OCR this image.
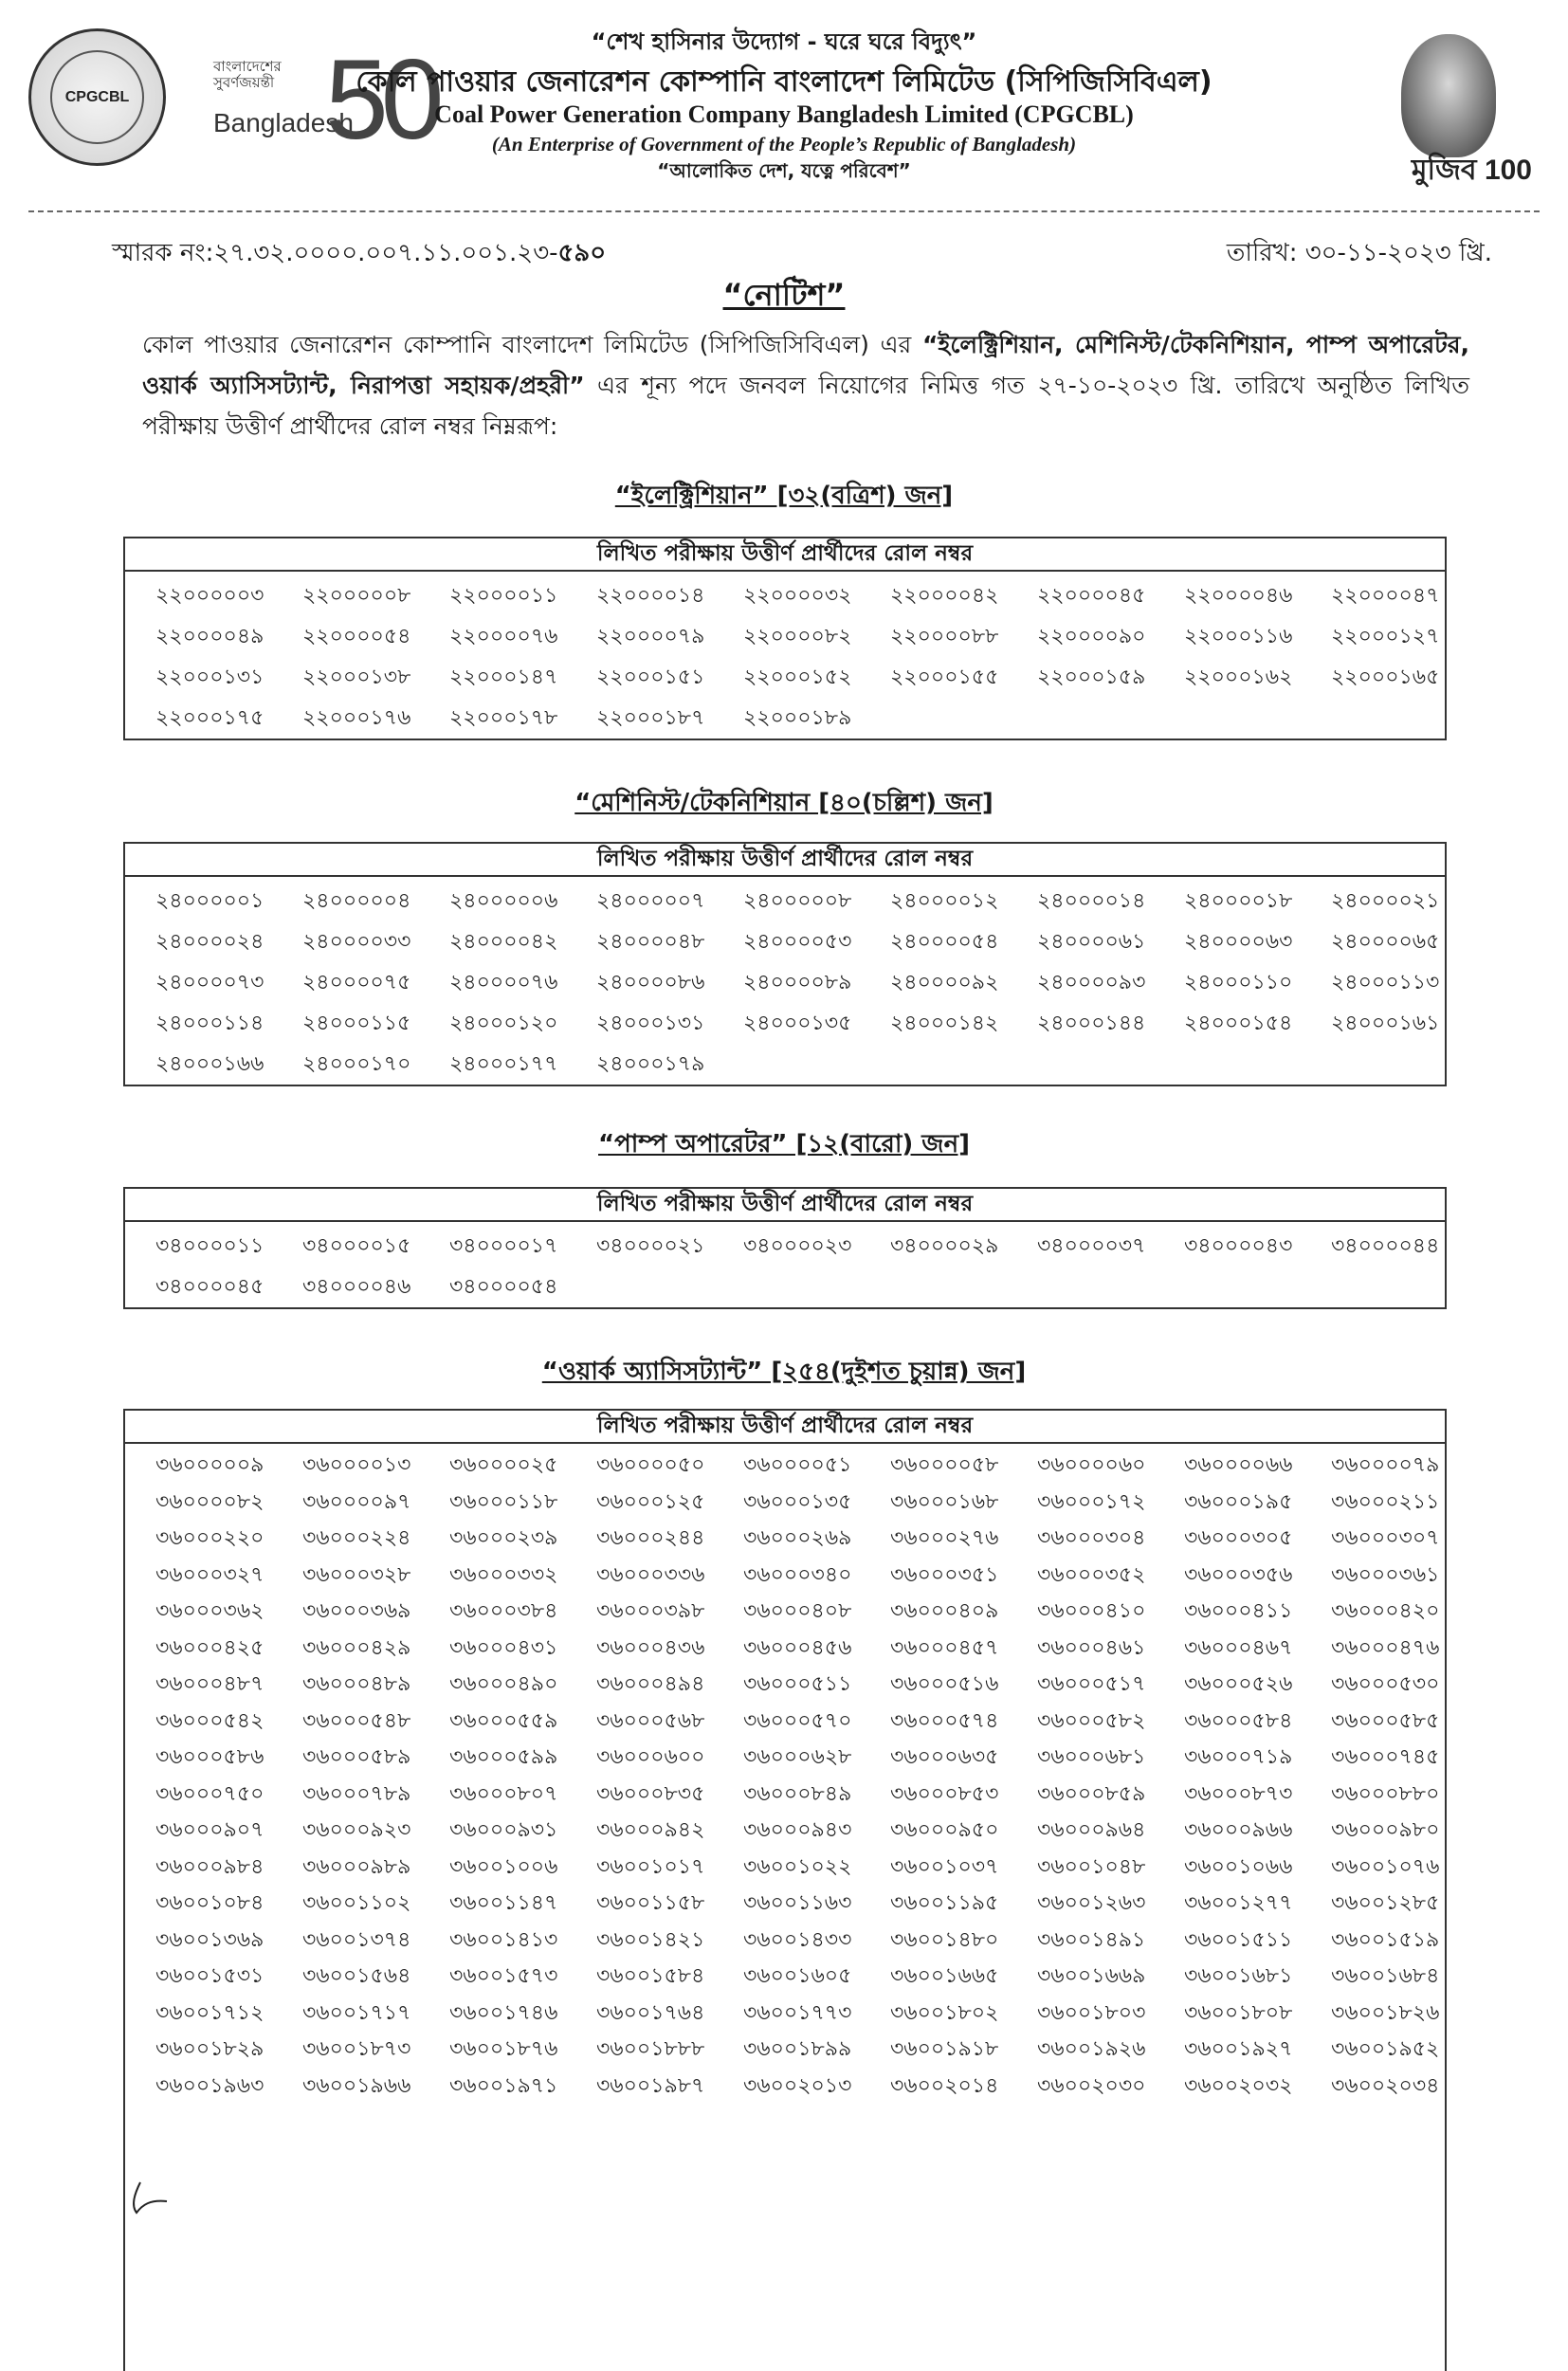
CPGCBL
বাংলাদেশের সুবর্ণজয়ন্তী
Bangladesh
50	“শেখ হাসিনার উদ্যোগ - ঘরে ঘরে বিদ্যুৎ”
কোল পাওয়ার জেনারেশন কোম্পানি বাংলাদেশ লিমিটেড (সিপিজিসিবিএল)
Coal Power Generation Company Bangladesh Limited (CPGCBL)
(An Enterprise of Government of the People’s Republic of Bangladesh)
“আলোকিত দেশ, যত্নে পরিবেশ”	মুজিব 100
স্মারক নং:২৭.৩২.০০০০.০০৭.১১.০০১.২৩-৫৯০	তারিখ: ৩০-১১-২০২৩ খ্রি.
“নোটিশ”
কোল পাওয়ার জেনারেশন কোম্পানি বাংলাদেশ লিমিটেড (সিপিজিসিবিএল) এর “ইলেক্ট্রিশিয়ান, মেশিনিস্ট/টেকনিশিয়ান, পাম্প অপারেটর, ওয়ার্ক অ্যাসিসট্যান্ট, নিরাপত্তা সহায়ক/প্রহরী” এর শূন্য পদে জনবল নিয়োগের নিমিত্ত গত ২৭-১০-২০২৩ খ্রি. তারিখে অনুষ্ঠিত লিখিত পরীক্ষায় উত্তীর্ণ প্রার্থীদের রোল নম্বর নিম্নরূপ:
“ইলেক্ট্রিশিয়ান” [৩২(বত্রিশ) জন]
লিখিত পরীক্ষায় উত্তীর্ণ প্রার্থীদের রোল নম্বর
২২০০০০০৩	২২০০০০০৮	২২০০০০১১	২২০০০০১৪	২২০০০০৩২	২২০০০০৪২	২২০০০০৪৫	২২০০০০৪৬	২২০০০০৪৭
২২০০০০৪৯	২২০০০০৫৪	২২০০০০৭৬	২২০০০০৭৯	২২০০০০৮২	২২০০০০৮৮	২২০০০০৯০	২২০০০১১৬	২২০০০১২৭
২২০০০১৩১	২২০০০১৩৮	২২০০০১৪৭	২২০০০১৫১	২২০০০১৫২	২২০০০১৫৫	২২০০০১৫৯	২২০০০১৬২	২২০০০১৬৫
২২০০০১৭৫	২২০০০১৭৬	২২০০০১৭৮	২২০০০১৮৭	২২০০০১৮৯
“মেশিনিস্ট/টেকনিশিয়ান [৪০(চল্লিশ) জন]
লিখিত পরীক্ষায় উত্তীর্ণ প্রার্থীদের রোল নম্বর
২৪০০০০০১	২৪০০০০০৪	২৪০০০০০৬	২৪০০০০০৭	২৪০০০০০৮	২৪০০০০১২	২৪০০০০১৪	২৪০০০০১৮	২৪০০০০২১
২৪০০০০২৪	২৪০০০০৩৩	২৪০০০০৪২	২৪০০০০৪৮	২৪০০০০৫৩	২৪০০০০৫৪	২৪০০০০৬১	২৪০০০০৬৩	২৪০০০০৬৫
২৪০০০০৭৩	২৪০০০০৭৫	২৪০০০০৭৬	২৪০০০০৮৬	২৪০০০০৮৯	২৪০০০০৯২	২৪০০০০৯৩	২৪০০০১১০	২৪০০০১১৩
২৪০০০১১৪	২৪০০০১১৫	২৪০০০১২০	২৪০০০১৩১	২৪০০০১৩৫	২৪০০০১৪২	২৪০০০১৪৪	২৪০০০১৫৪	২৪০০০১৬১
২৪০০০১৬৬	২৪০০০১৭০	২৪০০০১৭৭	২৪০০০১৭৯
“পাম্প অপারেটর” [১২(বারো) জন]
লিখিত পরীক্ষায় উত্তীর্ণ প্রার্থীদের রোল নম্বর
৩৪০০০০১১	৩৪০০০০১৫	৩৪০০০০১৭	৩৪০০০০২১	৩৪০০০০২৩	৩৪০০০০২৯	৩৪০০০০৩৭	৩৪০০০০৪৩	৩৪০০০০৪৪
৩৪০০০০৪৫	৩৪০০০০৪৬	৩৪০০০০৫৪
“ওয়ার্ক অ্যাসিসট্যান্ট” [২৫৪(দুইশত চুয়ান্ন) জন]
লিখিত পরীক্ষায় উত্তীর্ণ প্রার্থীদের রোল নম্বর
৩৬০০০০০৯	৩৬০০০০১৩	৩৬০০০০২৫	৩৬০০০০৫০	৩৬০০০০৫১	৩৬০০০০৫৮	৩৬০০০০৬০	৩৬০০০০৬৬	৩৬০০০০৭৯
৩৬০০০০৮২	৩৬০০০০৯৭	৩৬০০০১১৮	৩৬০০০১২৫	৩৬০০০১৩৫	৩৬০০০১৬৮	৩৬০০০১৭২	৩৬০০০১৯৫	৩৬০০০২১১
৩৬০০০২২০	৩৬০০০২২৪	৩৬০০০২৩৯	৩৬০০০২৪৪	৩৬০০০২৬৯	৩৬০০০২৭৬	৩৬০০০৩০৪	৩৬০০০৩০৫	৩৬০০০৩০৭
৩৬০০০৩২৭	৩৬০০০৩২৮	৩৬০০০৩৩২	৩৬০০০৩৩৬	৩৬০০০৩৪০	৩৬০০০৩৫১	৩৬০০০৩৫২	৩৬০০০৩৫৬	৩৬০০০৩৬১
৩৬০০০৩৬২	৩৬০০০৩৬৯	৩৬০০০৩৮৪	৩৬০০০৩৯৮	৩৬০০০৪০৮	৩৬০০০৪০৯	৩৬০০০৪১০	৩৬০০০৪১১	৩৬০০০৪২০
৩৬০০০৪২৫	৩৬০০০৪২৯	৩৬০০০৪৩১	৩৬০০০৪৩৬	৩৬০০০৪৫৬	৩৬০০০৪৫৭	৩৬০০০৪৬১	৩৬০০০৪৬৭	৩৬০০০৪৭৬
৩৬০০০৪৮৭	৩৬০০০৪৮৯	৩৬০০০৪৯০	৩৬০০০৪৯৪	৩৬০০০৫১১	৩৬০০০৫১৬	৩৬০০০৫১৭	৩৬০০০৫২৬	৩৬০০০৫৩০
৩৬০০০৫৪২	৩৬০০০৫৪৮	৩৬০০০৫৫৯	৩৬০০০৫৬৮	৩৬০০০৫৭০	৩৬০০০৫৭৪	৩৬০০০৫৮২	৩৬০০০৫৮৪	৩৬০০০৫৮৫
৩৬০০০৫৮৬	৩৬০০০৫৮৯	৩৬০০০৫৯৯	৩৬০০০৬০০	৩৬০০০৬২৮	৩৬০০০৬৩৫	৩৬০০০৬৮১	৩৬০০০৭১৯	৩৬০০০৭৪৫
৩৬০০০৭৫০	৩৬০০০৭৮৯	৩৬০০০৮০৭	৩৬০০০৮৩৫	৩৬০০০৮৪৯	৩৬০০০৮৫৩	৩৬০০০৮৫৯	৩৬০০০৮৭৩	৩৬০০০৮৮০
৩৬০০০৯০৭	৩৬০০০৯২৩	৩৬০০০৯৩১	৩৬০০০৯৪২	৩৬০০০৯৪৩	৩৬০০০৯৫০	৩৬০০০৯৬৪	৩৬০০০৯৬৬	৩৬০০০৯৮০
৩৬০০০৯৮৪	৩৬০০০৯৮৯	৩৬০০১০০৬	৩৬০০১০১৭	৩৬০০১০২২	৩৬০০১০৩৭	৩৬০০১০৪৮	৩৬০০১০৬৬	৩৬০০১০৭৬
৩৬০০১০৮৪	৩৬০০১১০২	৩৬০০১১৪৭	৩৬০০১১৫৮	৩৬০০১১৬৩	৩৬০০১১৯৫	৩৬০০১২৬৩	৩৬০০১২৭৭	৩৬০০১২৮৫
৩৬০০১৩৬৯	৩৬০০১৩৭৪	৩৬০০১৪১৩	৩৬০০১৪২১	৩৬০০১৪৩৩	৩৬০০১৪৮০	৩৬০০১৪৯১	৩৬০০১৫১১	৩৬০০১৫১৯
৩৬০০১৫৩১	৩৬০০১৫৬৪	৩৬০০১৫৭৩	৩৬০০১৫৮৪	৩৬০০১৬০৫	৩৬০০১৬৬৫	৩৬০০১৬৬৯	৩৬০০১৬৮১	৩৬০০১৬৮৪
৩৬০০১৭১২	৩৬০০১৭১৭	৩৬০০১৭৪৬	৩৬০০১৭৬৪	৩৬০০১৭৭৩	৩৬০০১৮০২	৩৬০০১৮০৩	৩৬০০১৮০৮	৩৬০০১৮২৬
৩৬০০১৮২৯	৩৬০০১৮৭৩	৩৬০০১৮৭৬	৩৬০০১৮৮৮	৩৬০০১৮৯৯	৩৬০০১৯১৮	৩৬০০১৯২৬	৩৬০০১৯২৭	৩৬০০১৯৫২
৩৬০০১৯৬৩	৩৬০০১৯৬৬	৩৬০০১৯৭১	৩৬০০১৯৮৭	৩৬০০২০১৩	৩৬০০২০১৪	৩৬০০২০৩০	৩৬০০২০৩২	৩৬০০২০৩৪
